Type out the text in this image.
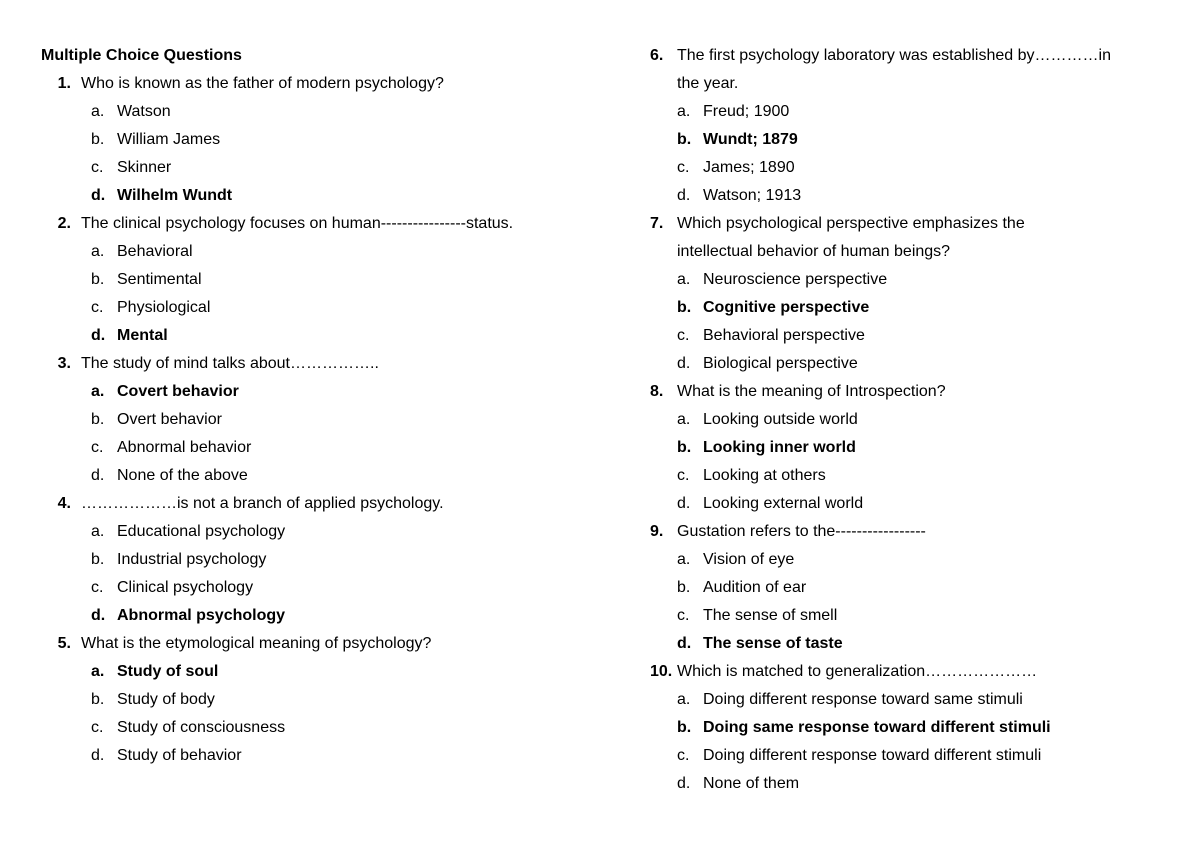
Multiple Choice Questions
1. Who is known as the father of modern psychology?
a. Watson
b. William James
c. Skinner
d. Wilhelm Wundt
2. The clinical psychology focuses on human----------------status.
a. Behavioral
b. Sentimental
c. Physiological
d. Mental
3. The study of mind talks about……………..
a. Covert behavior
b. Overt behavior
c. Abnormal behavior
d. None of the above
4. ………………is not a branch of applied psychology.
a. Educational psychology
b. Industrial psychology
c. Clinical psychology
d. Abnormal psychology
5. What is the etymological meaning of psychology?
a. Study of soul
b. Study of body
c. Study of consciousness
d. Study of behavior
6. The first psychology laboratory was established by…………in
the year.
a. Freud; 1900
b. Wundt; 1879
c. James; 1890
d. Watson; 1913
7. Which psychological perspective emphasizes the
intellectual behavior of human beings?
a. Neuroscience perspective
b. Cognitive perspective
c. Behavioral perspective
d. Biological perspective
8. What is the meaning of Introspection?
a. Looking outside world
b. Looking inner world
c. Looking at others
d. Looking external world
9. Gustation refers to the-----------------
a. Vision of eye
b. Audition of ear
c. The sense of smell
d. The sense of taste
10. Which is matched to generalization…………………
a. Doing different response toward same stimuli
b. Doing same response toward different stimuli
c. Doing different response toward different stimuli
d. None of them
